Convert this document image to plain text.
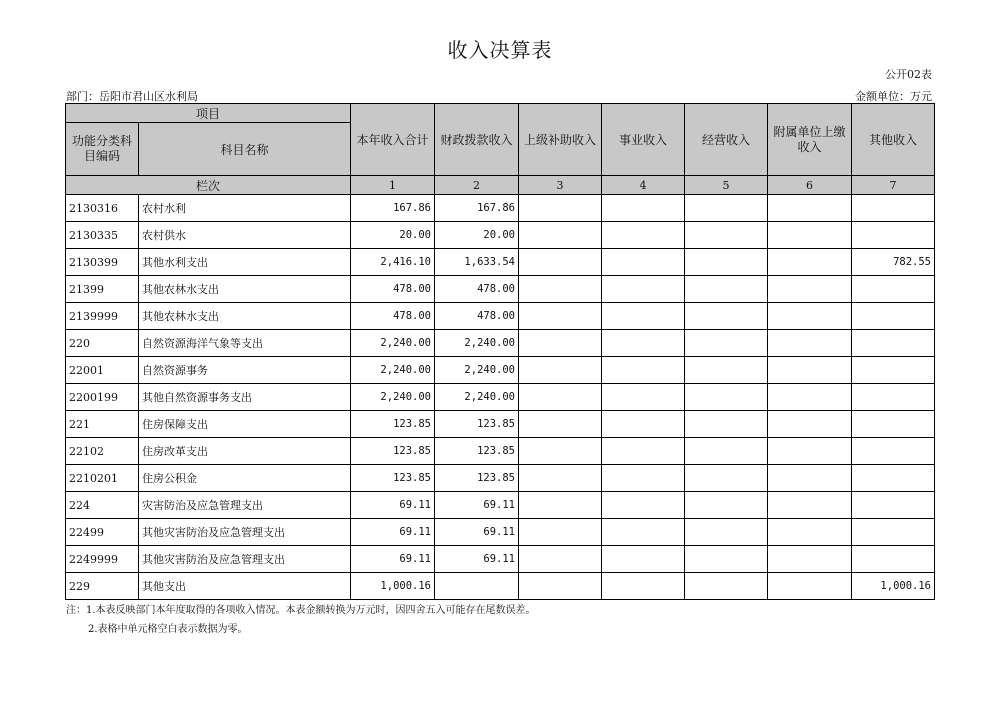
收入决算表
公开02表
部门：岳阳市君山区水利局	金额单位：万元
项目		本年收入合计	财政拨款收入	上级补助收入	事业收入	经营收入	附属单位上缴收入	其他收入
功能分类科目编码	科目名称							
栏次		1	2	3	4	5	6	7
2130316	农村水利	167.86	167.86					
2130335	农村供水	20.00	20.00					
2130399	其他水利支出	2,416.10	1,633.54					782.55
21399	其他农林水支出	478.00	478.00					
2139999	其他农林水支出	478.00	478.00					
220	自然资源海洋气象等支出	2,240.00	2,240.00					
22001	自然资源事务	2,240.00	2,240.00					
2200199	其他自然资源事务支出	2,240.00	2,240.00					
221	住房保障支出	123.85	123.85					
22102	住房改革支出	123.85	123.85					
2210201	住房公积金	123.85	123.85					
224	灾害防治及应急管理支出	69.11	69.11					
22499	其他灾害防治及应急管理支出	69.11	69.11					
2249999	其他灾害防治及应急管理支出	69.11	69.11					
229	其他支出	1,000.16						1,000.16
注：1.本表反映部门本年度取得的各项收入情况。本表金额转换为万元时，因四舍五入可能存在尾数误差。
2.表格中单元格空白表示数据为零。
